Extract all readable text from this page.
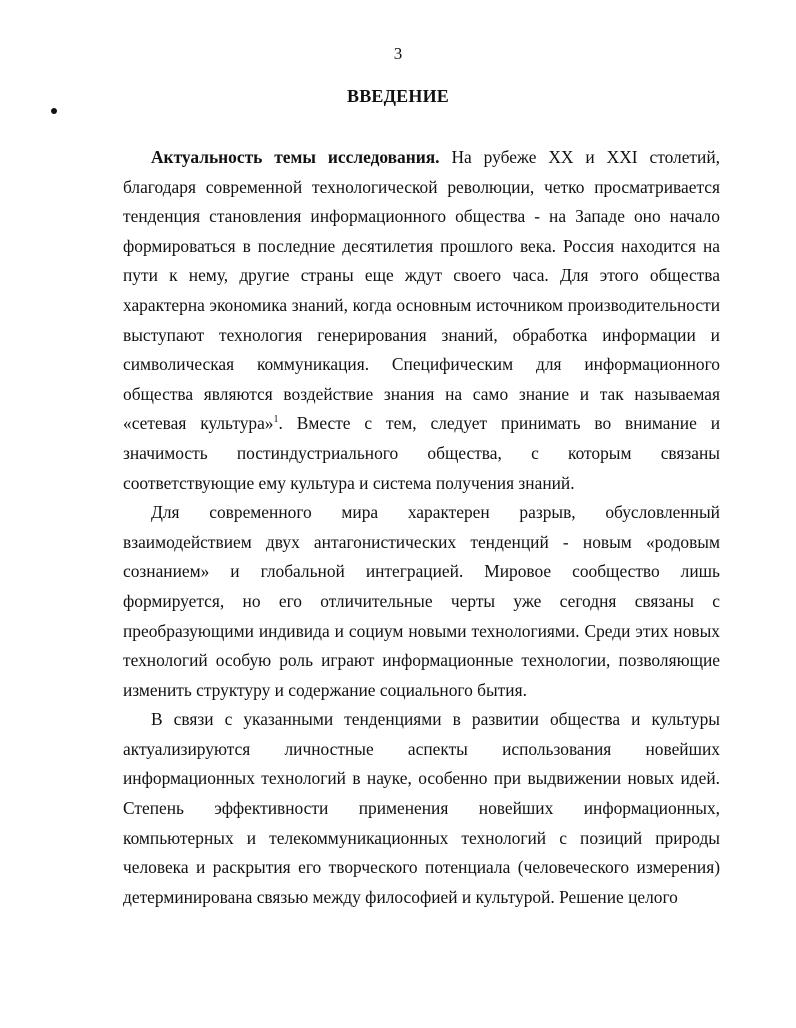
3
ВВЕДЕНИЕ

Актуальность темы исследования. На рубеже XX и XXI столетий, благодаря современной технологической революции, четко просматривается тенденция становления информационного общества - на Западе оно начало формироваться в последние десятилетия прошлого века. Россия находится на пути к нему, другие страны еще ждут своего часа. Для этого общества характерна экономика знаний, когда основным источником производительности выступают технология генерирования знаний, обработка информации и символическая коммуникация. Специфическим для информационного общества являются воздействие знания на само знание и так называемая «сетевая культура»$^1$. Вместе с тем, следует принимать во внимание и значимость постиндустриального общества, с которым связаны соответствующие ему культура и система получения знаний.

Для современного мира характерен разрыв, обусловленный взаимодействием двух антагонистических тенденций - новым «родовым сознанием» и глобальной интеграцией. Мировое сообщество лишь формируется, но его отличительные черты уже сегодня связаны с преобразующими индивида и социум новыми технологиями. Среди этих новых технологий особую роль играют информационные технологии, позволяющие изменить структуру и содержание социального бытия.

В связи с указанными тенденциями в развитии общества и культуры актуализируются личностные аспекты использования новейших информационных технологий в науке, особенно при выдвижении новых идей. Степень эффективности применения новейших информационных, компьютерных и телекоммуникационных технологий с позиций природы человека и раскрытия его творческого потенциала (человеческого измерения) детерминирована связью между философией и культурой. Решение целого
